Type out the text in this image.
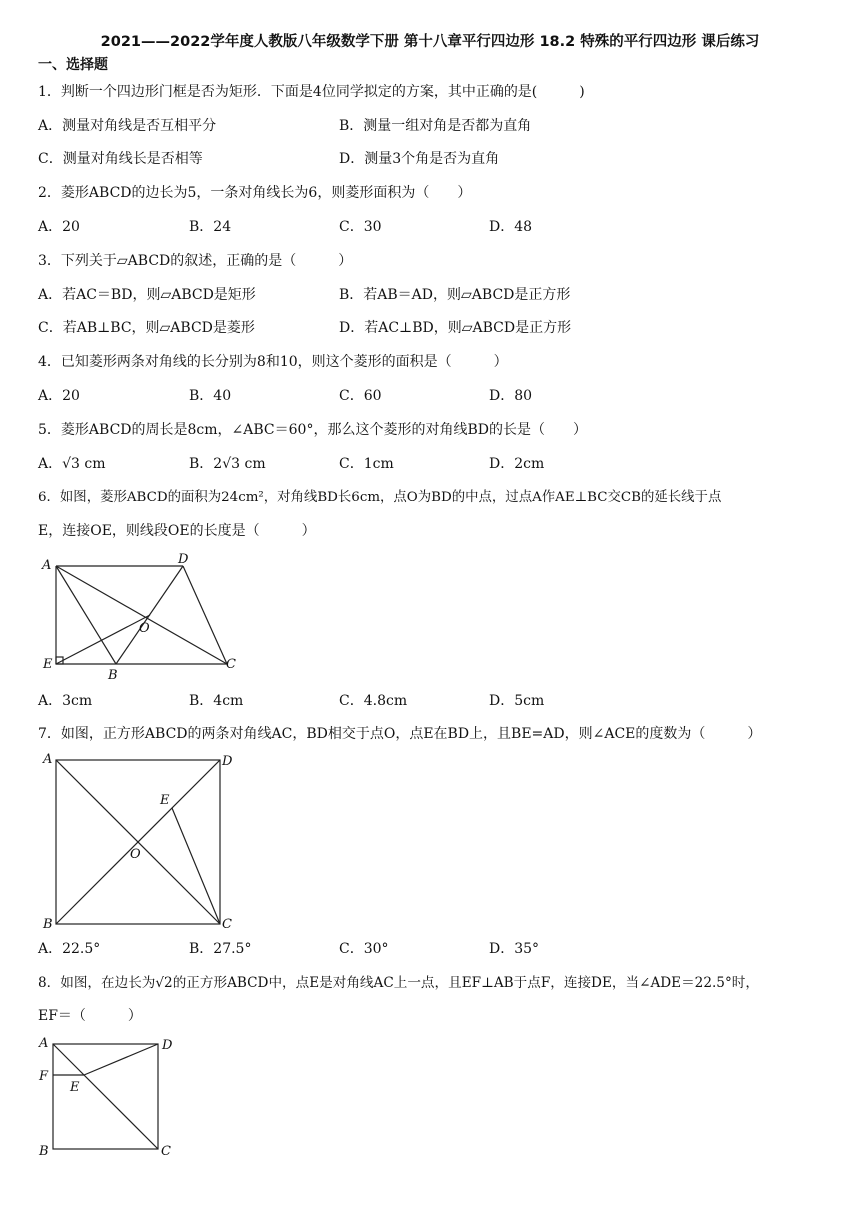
2021——2022学年度人教版八年级数学下册 第十八章平行四边形 18.2 特殊的平行四边形 课后练习
一、选择题
1．判断一个四边形门框是否为矩形．下面是4位同学拟定的方案，其中正确的是(　　　)
A．测量对角线是否互相平分	B．测量一组对角是否都为直角
C．测量对角线长是否相等	D．测量3个角是否为直角
2．菱形ABCD的边长为5，一条对角线长为6，则菱形面积为（　　）
A．20	B．24	C．30	D．48
3．下列关于▱ABCD的叙述，正确的是（　　　）
A．若AC＝BD，则▱ABCD是矩形	B．若AB＝AD，则▱ABCD是正方形
C．若AB⊥BC，则▱ABCD是菱形	D．若AC⊥BD，则▱ABCD是正方形
4．已知菱形两条对角线的长分别为8和10，则这个菱形的面积是（　　　）
A．20	B．40	C．60	D．80
5．菱形ABCD的周长是8cm，∠ABC＝60°，那么这个菱形的对角线BD的长是（　　）
A．√3 cm	B．2√3 cm	C．1cm	D．2cm
6．如图，菱形ABCD的面积为24cm²，对角线BD长6cm，点O为BD的中点，过点A作AE⊥BC交CB的延长线于点
E，连接OE，则线段OE的长度是（　　　）
A	D
O
E
B
C
A．3cm	B．4cm	C．4.8cm	D．5cm
7．如图，正方形ABCD的两条对角线AC，BD相交于点O，点E在BD上，且BE=AD，则∠ACE的度数为（　　　）
A	D
E
O
B	C
A．22.5°	B．27.5°	C．30°	D．35°
8．如图，在边长为√2的正方形ABCD中，点E是对角线AC上一点，且EF⊥AB于点F，连接DE，当∠ADE＝22.5°时，
EF＝（　　　）
A	D
F
E
B	C
